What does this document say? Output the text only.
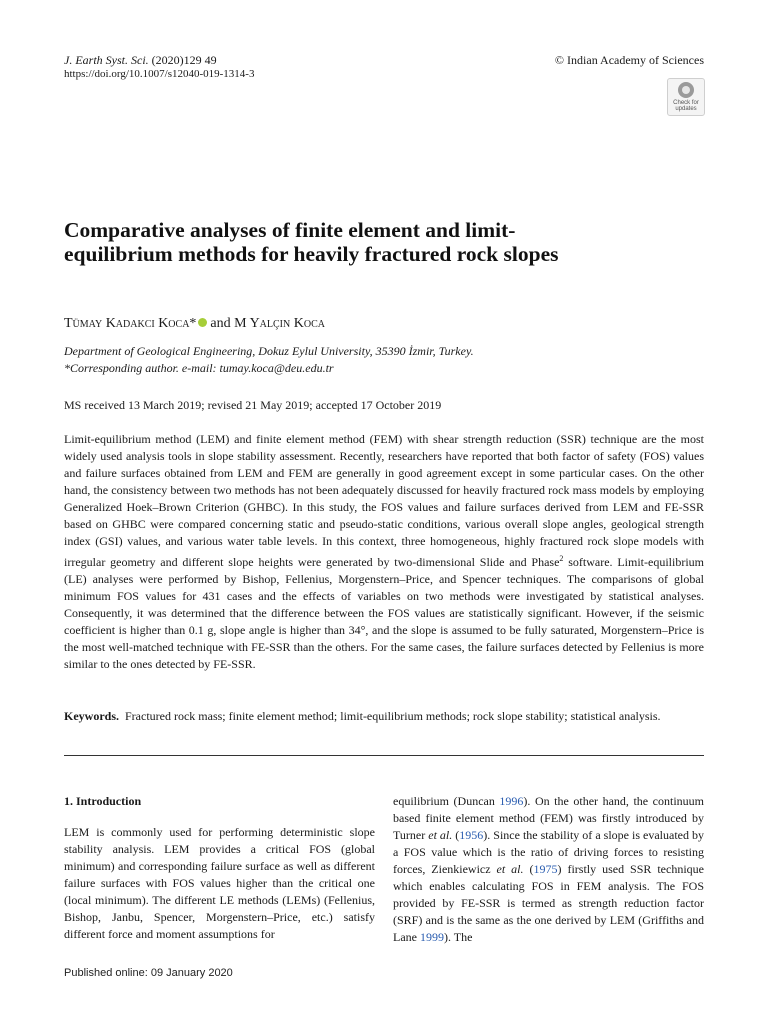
J. Earth Syst. Sci. (2020)129 49
https://doi.org/10.1007/s12040-019-1314-3
© Indian Academy of Sciences
Check for
updates
Comparative analyses of finite element and limit-equilibrium methods for heavily fractured rock slopes
Tümay Kadakci Koca* and M Yalçin Koca
Department of Geological Engineering, Dokuz Eylul University, 35390 İzmir, Turkey.
*Corresponding author. e-mail: tumay.koca@deu.edu.tr
MS received 13 March 2019; revised 21 May 2019; accepted 17 October 2019
Limit-equilibrium method (LEM) and finite element method (FEM) with shear strength reduction (SSR) technique are the most widely used analysis tools in slope stability assessment. Recently, researchers have reported that both factor of safety (FOS) values and failure surfaces obtained from LEM and FEM are generally in good agreement except in some particular cases. On the other hand, the consistency between two methods has not been adequately discussed for heavily fractured rock mass models by employing Generalized Hoek–Brown Criterion (GHBC). In this study, the FOS values and failure surfaces derived from LEM and FE-SSR based on GHBC were compared concerning static and pseudo-static conditions, various overall slope angles, geological strength index (GSI) values, and various water table levels. In this context, three homogeneous, highly fractured rock slope models with irregular geometry and different slope heights were generated by two-dimensional Slide and Phase$^2$ software. Limit-equilibrium (LE) analyses were performed by Bishop, Fellenius, Morgenstern–Price, and Spencer techniques. The comparisons of global minimum FOS values for 431 cases and the effects of variables on two methods were investigated by statistical analyses. Consequently, it was determined that the difference between the FOS values are statistically significant. However, if the seismic coefficient is higher than 0.1 g, slope angle is higher than 34°, and the slope is assumed to be fully saturated, Morgenstern–Price is the most well-matched technique with FE-SSR than the others. For the same cases, the failure surfaces detected by Fellenius is more similar to the ones detected by FE-SSR.
Keywords. Fractured rock mass; finite element method; limit-equilibrium methods; rock slope stability; statistical analysis.
1. Introduction
LEM is commonly used for performing deterministic slope stability analysis. LEM provides a critical FOS (global minimum) and corresponding failure surface as well as different failure surfaces with FOS values higher than the critical one (local minimum). The different LE methods (LEMs) (Fellenius, Bishop, Janbu, Spencer, Morgenstern–Price, etc.) satisfy different force and moment assumptions for
equilibrium (Duncan 1996). On the other hand, the continuum based finite element method (FEM) was firstly introduced by Turner et al. (1956). Since the stability of a slope is evaluated by a FOS value which is the ratio of driving forces to resisting forces, Zienkiewicz et al. (1975) firstly used SSR technique which enables calculating FOS in FEM analysis. The FOS provided by FE-SSR is termed as strength reduction factor (SRF) and is the same as the one derived by LEM (Griffiths and Lane 1999). The
Published online: 09 January 2020
